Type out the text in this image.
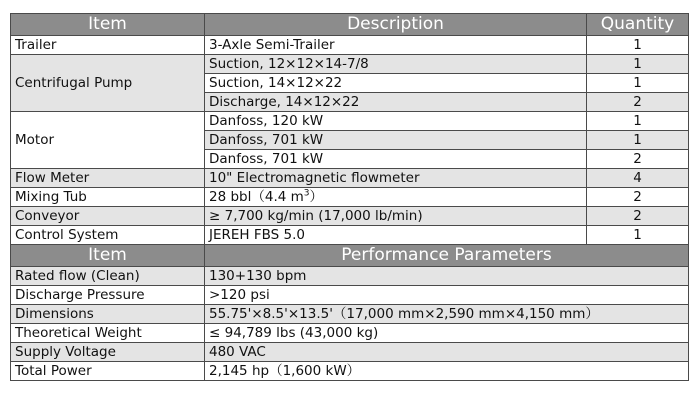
Item	Description	Quantity
Trailer	3-Axle Semi-Trailer	1
Centrifugal Pump	Suction, 12×12×14-7/8	1
	Suction, 14×12×22	1
	Discharge, 14×12×22	2
Motor	Danfoss, 120 kW	1
	Danfoss, 701 kW	1
	Danfoss, 701 kW	2
Flow Meter	10" Electromagnetic flowmeter	4
Mixing Tub	28 bbl（4.4 $m^3$）	2
Conveyor	≥ 7,700 kg/min (17,000 lb/min)	2
Control System	JEREH FBS 5.0	1
Item	Performance Parameters	
Rated flow (Clean)	130+130 bpm	
Discharge Pressure	>120 psi	
Dimensions	55.75'×8.5'×13.5'（17,000 mm×2,590 mm×4,150 mm）	
Theoretical Weight	≤ 94,789 lbs (43,000 kg)	
Supply Voltage	480 VAC	
Total Power	2,145 hp（1,600 kW）	
